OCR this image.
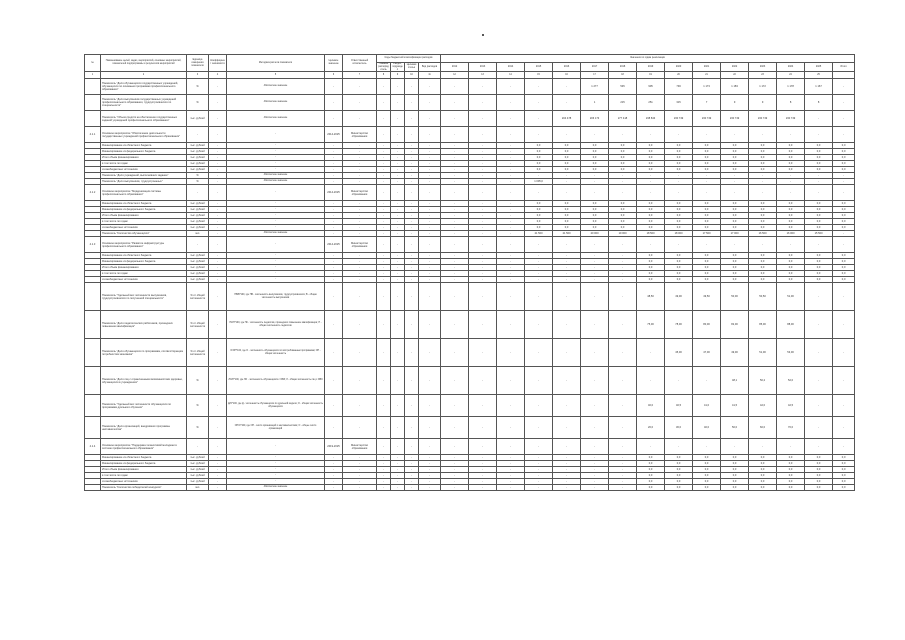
№	Наименование целей, задач, мероприятий, основных мероприятий, показателей подпрограммы и результатов мероприятий	Единица измерения показателя	Коэффициент значимости	Методика расчета показателя	Целевое значение	Ответственный исполнитель	Коды бюджетной классификации расходов				Значения по годам реализации														
							Главный распорядитель	Раздел, подраздел	Целевая статья	Вид расходов	2012	2013	2014	2015	2016	2017	2018	2019	2020	2021	2022	2023	2024	2025	Итого
1	2	3	4	5	6	7	8	9	10	11	12	13	14	15	16	17	18	19	20	21	22	23	24	25	
	Показатель "Доля обучающихся государственных учреждений, обучающихся по основным программам профессионального образования"	%	-	Абсолютное значение	-	-	-	-	-	-	-	-	-	-	-	1 277	545	905	793	1 173	1 183	1 172	1 178	1 167	-
	Показатель "Доля выпускников государственных учреждений профессионального образования, трудоустроившихся по специальности"	%	-	Абсолютное значение	-	-	-	-	-	-	-	-	-	-	-	1	215	251	315	7	9	9	8	8	-
	Показатель "Объем средств на обеспечение государственных заданий учреждений профессионального образования"	тыс. рублей	-	Абсолютное значение	-	-	-	-	-	-	-	-	-	-	204 478	206 173	277 418	238 843	230 749	230 749	230 749	230 749	230 749	-	-
4.1.1	Основное мероприятие "Обеспечение деятельности государственных учреждений профессионального образования"	-	-	-	2014-2025	Министерство образования	-	-	-	-	-	-	-	-	-	-	-	-	-	-	-	-	-	-	-
	Финансирование из областного бюджета	тыс. рублей	-	-	-	-	-	-	-	-	-	-	-	0,0	0,0	0,0	0,0	0,0	0,0	0,0	0,0	0,0	0,0	0,0	0,0
	Финансирование из федерального бюджета	тыс. рублей	-	-	-	-	-	-	-	-	-	-	-	0,0	0,0	0,0	0,0	0,0	0,0	0,0	0,0	0,0	0,0	0,0	0,0
	Итого объем финансирования	тыс. рублей	-	-	-	-	-	-	-	-	-	-	-	0,0	0,0	0,0	0,0	0,0	0,0	0,0	0,0	0,0	0,0	0,0	0,0
	в том числе по годам	тыс. рублей	-	-	-	-	-	-	-	-	-	-	-	0,0	0,0	0,0	0,0	0,0	0,0	0,0	0,0	0,0	0,0	0,0	0,0
	из внебюджетных источников	тыс. рублей	-	-	-	-	-	-	-	-	-	-	-	0,0	0,0	0,0	0,0	0,0	0,0	0,0	0,0	0,0	0,0	0,0	0,0
	Показатель "Доля учреждений, выполнивших задание"	%	-	Абсолютное значение	-	-	-	-	-	-	-	-	-	-	-	-	-	-	-	-	-	-	-	-	-
	Показатель "Доля выпускников, трудоустроенных"	%	-	Абсолютное значение	-	-	-	-	-	-	-	-	-	1 005,0	-	-	-	-	-	-	-	-	-	-	-
4.1.2	Основное мероприятие "Модернизация системы профессионального образования"	-	-	-	2014-2025	Министерство образования	-	-	-	-	-	-	-	-	-	-	-	-	-	-	-	-	-	-	-
	Финансирование из областного бюджета	тыс. рублей	-	-	-	-	-	-	-	-	-	-	-	0,0	0,0	0,0	0,0	0,0	0,0	0,0	0,0	0,0	0,0	0,0	0,0
	Финансирование из федерального бюджета	тыс. рублей	-	-	-	-	-	-	-	-	-	-	-	0,0	0,0	0,0	0,0	0,0	0,0	0,0	0,0	0,0	0,0	0,0	0,0
	Итого объем финансирования	тыс. рублей	-	-	-	-	-	-	-	-	-	-	-	0,0	0,0	0,0	0,0	0,0	0,0	0,0	0,0	0,0	0,0	0,0	0,0
	в том числе по годам	тыс. рублей	-	-	-	-	-	-	-	-	-	-	-	0,0	0,0	0,0	0,0	0,0	0,0	0,0	0,0	0,0	0,0	0,0	0,0
	из внебюджетных источников	тыс. рублей	-	-	-	-	-	-	-	-	-	-	-	0,0	0,0	0,0	0,0	0,0	0,0	0,0	0,0	0,0	0,0	0,0	0,0
	Показатель "Количество обучающихся"	чел.	-	Абсолютное значение	-	-	-	-	-	-	-	-	-	21 500	21 500	20 000	19 000	18 500	18 000	17 500	17 000	16 500	16 000	15 500	-
4.1.3	Основное мероприятие "Развитие инфраструктуры профессионального образования"	-	-	-	2014-2025	Министерство образования	-	-	-	-	-	-	-	-	-	-	-	-	-	-	-	-	-	-	-
	Финансирование из областного бюджета	тыс. рублей	-	-	-	-	-	-	-	-	-	-	-	-	-	-	-	0,0	0,0	0,0	0,0	0,0	0,0	0,0	0,0
	Финансирование из федерального бюджета	тыс. рублей	-	-	-	-	-	-	-	-	-	-	-	-	-	-	-	0,0	0,0	0,0	0,0	0,0	0,0	0,0	0,0
	Итого объем финансирования	тыс. рублей	-	-	-	-	-	-	-	-	-	-	-	-	-	-	-	0,0	0,0	0,0	0,0	0,0	0,0	0,0	0,0
	в том числе по годам	тыс. рублей	-	-	-	-	-	-	-	-	-	-	-	-	-	-	-	0,0	0,0	0,0	0,0	0,0	0,0	0,0	0,0
	из внебюджетных источников	тыс. рублей	-	-	-	-	-	-	-	-	-	-	-	-	-	-	-	0,0	0,0	0,0	0,0	0,0	0,0	0,0	0,0
	Показатель "Удельный вес численности выпускников, трудоустроившихся по полученной специальности"	% от общей численности	-	ПВ/В*100, где ПВ - численность выпускников, трудоустроившихся; В - общая численность выпускников	-	-	-	-	-	-	-	-	-	-	-	-	-	48,50	49,00	49,50	50,00	50,50	51,00	-	-
	Показатель "Доля педагогических работников, прошедших повышение квалификации"	% от общей численности	-	ПК/П*100, где ПК - численность педагогов, прошедших повышение квалификации; П - общая численность педагогов	-	-	-	-	-	-	-	-	-	-	-	-	-	75,00	78,00	80,00	82,00	85,00	88,00	-	-
	Показатель "Доля обучающихся по программам, соответствующим потребностям экономики"	% от общей численности	-	О/ОП*100, где О - численность обучающихся по востребованным программам; ОП - общая численность	-	-	-	-	-	-	-	-	-	-	-	-	-	-	45,00	47,00	49,00	51,00	53,00	-	-
	Показатель "Доля лиц с ограниченными возможностями здоровья, обучающихся в учреждениях"	%	-	ЛО/Л*100, где ЛО - численность обучающихся с ОВЗ; Л - общая численность лиц с ОВЗ	-	-	-	-	-	-	-	-	-	-	-	-	-	-	-	-	48,1	50,2	52,0	-	-
	Показатель "Удельный вес численности обучающихся по программам дуального обучения"	%	-	Д/О*100, где Д - численность обучающихся по дуальной модели; О - общая численность обучающихся	-	-	-	-	-	-	-	-	-	-	-	-	-	40,0	40,5	41,0	41,5	42,0	42,5	-	-
	Показатель "Доля организаций, внедривших программы наставничества"	%	-	ОН/О*100, где ОН - число организаций с наставничеством; О - общее число организаций	-	-	-	-	-	-	-	-	-	-	-	-	-	20,0	30,0	40,0	50,0	60,0	70,0	-	-
4.1.4	Основное мероприятие "Поддержка талантливой молодежи в системе профессионального образования"	-	-	-	2019-2025	Министерство образования	-	-	-	-	-	-	-	-	-	-	-	-	-	-	-	-	-	-	-
	Финансирование из областного бюджета	тыс. рублей	-	-	-	-	-	-	-	-	-	-	-	-	-	-	-	0,0	0,0	0,0	0,0	0,0	0,0	0,0	0,0
	Финансирование из федерального бюджета	тыс. рублей	-	-	-	-	-	-	-	-	-	-	-	-	-	-	-	0,0	0,0	0,0	0,0	0,0	0,0	0,0	0,0
	Итого объем финансирования	тыс. рублей	-	-	-	-	-	-	-	-	-	-	-	-	-	-	-	0,0	0,0	0,0	0,0	0,0	0,0	0,0	0,0
	в том числе по годам	тыс. рублей	-	-	-	-	-	-	-	-	-	-	-	-	-	-	-	0,0	0,0	0,0	0,0	0,0	0,0	0,0	0,0
	из внебюджетных источников	тыс. рублей	-	-	-	-	-	-	-	-	-	-	-	-	-	-	-	0,0	0,0	0,0	0,0	0,0	0,0	0,0	0,0
	Показатель "Количество победителей конкурсов"	чел.	-	Абсолютное значение	-	-	-	-	-	-	-	-	-	-	-	-	-	0,0	0,0	0,0	0,0	0,0	0,0	0,0	0,0
